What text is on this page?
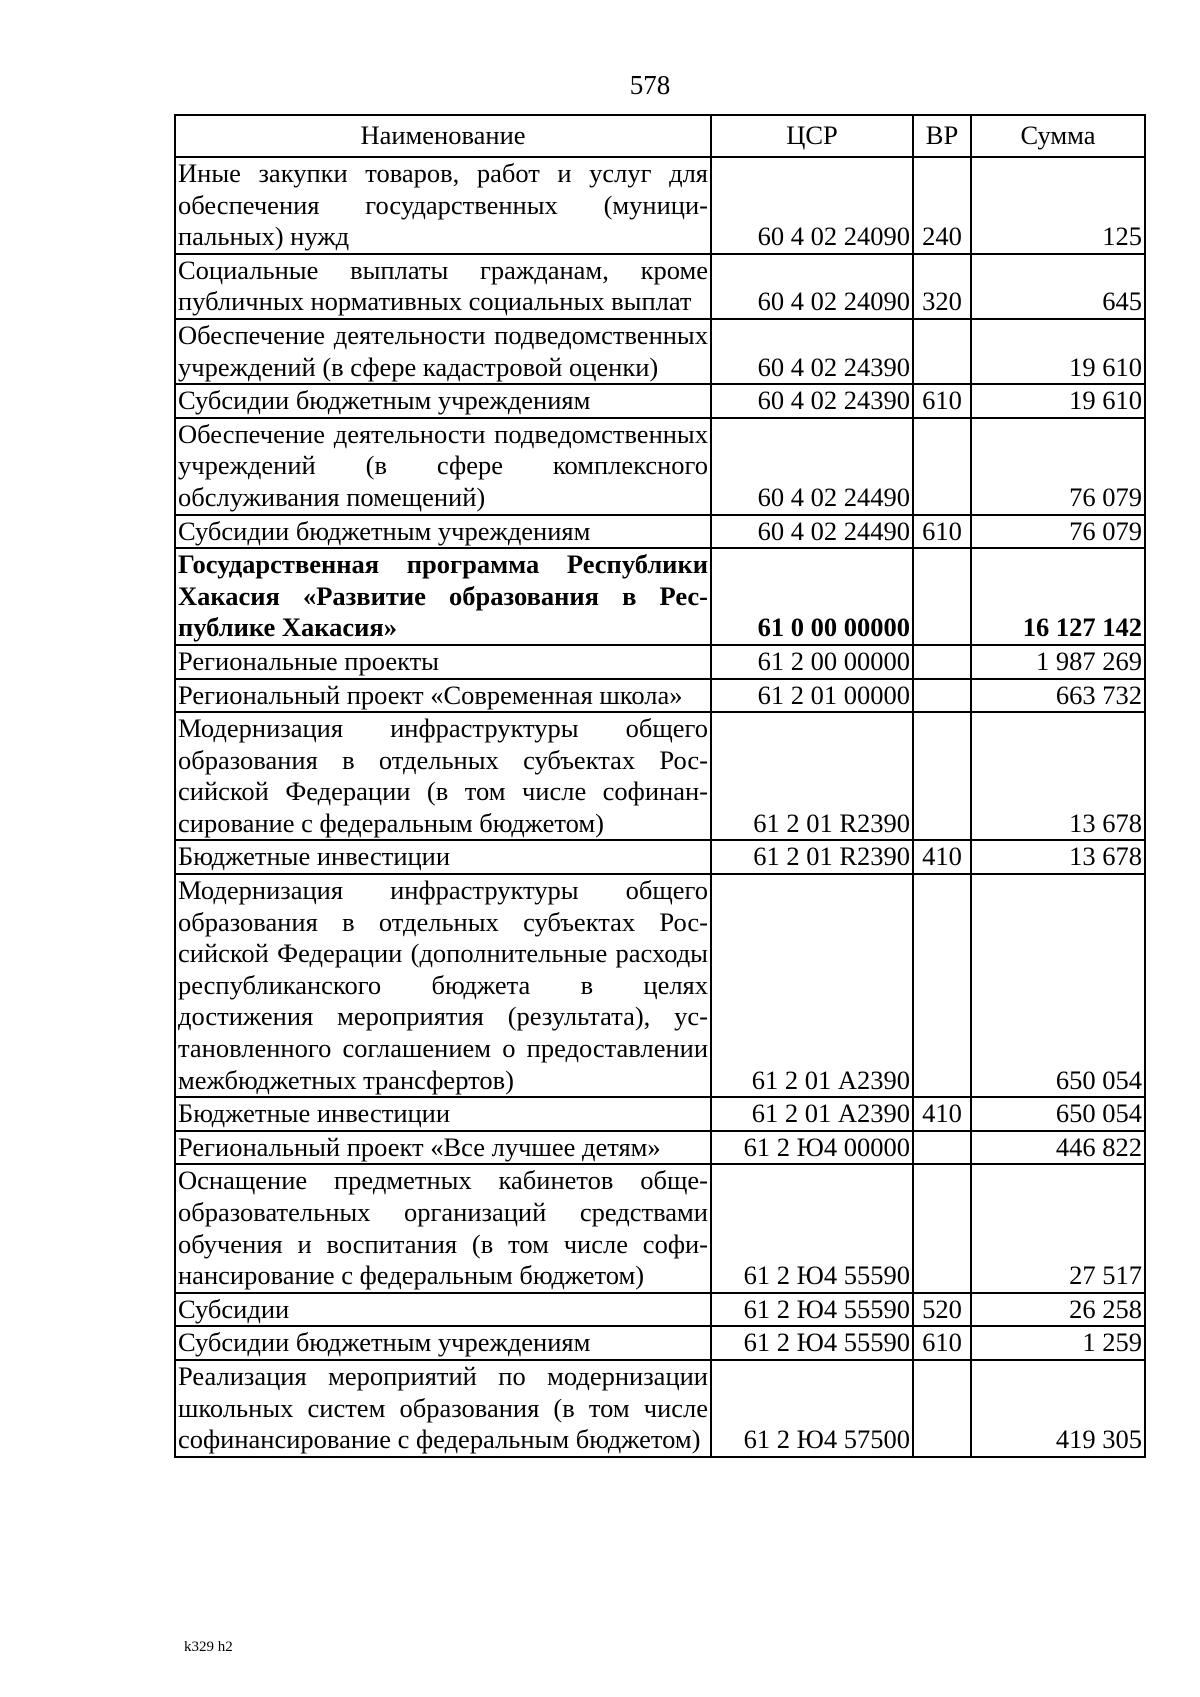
578
Наименование	ЦСР	ВР	Сумма
Иные закупки товаров, работ и услуг для обеспечения государственных (муниципальных) нужд	60 4 02 24090	240	125
Социальные выплаты гражданам, кроме публичных нормативных социальных выплат	60 4 02 24090	320	645
Обеспечение деятельности подведомственных учреждений (в сфере кадастровой оценки)	60 4 02 24390		19 610
Субсидии бюджетным учреждениям	60 4 02 24390	610	19 610
Обеспечение деятельности подведомственных учреждений (в сфере комплексного обслуживания помещений)	60 4 02 24490		76 079
Субсидии бюджетным учреждениям	60 4 02 24490	610	76 079
Государственная программа Республики Хакасия «Развитие образования в Республике Хакасия»	61 0 00 00000		16 127 142
Региональные проекты	61 2 00 00000		1 987 269
Региональный проект «Современная школа»	61 2 01 00000		663 732
Модернизация инфраструктуры общего образования в отдельных субъектах Российской Федерации (в том числе софинансирование с федеральным бюджетом)	61 2 01 R2390		13 678
Бюджетные инвестиции	61 2 01 R2390	410	13 678
Модернизация инфраструктуры общего образования в отдельных субъектах Российской Федерации (дополнительные расходы республиканского бюджета в целях достижения мероприятия (результата), установленного соглашением о предоставлении межбюджетных трансфертов)	61 2 01 А2390		650 054
Бюджетные инвестиции	61 2 01 А2390	410	650 054
Региональный проект «Все лучшее детям»	61 2 Ю4 00000		446 822
Оснащение предметных кабинетов общеобразовательных организаций средствами обучения и воспитания (в том числе софинансирование с федеральным бюджетом)	61 2 Ю4 55590		27 517
Субсидии	61 2 Ю4 55590	520	26 258
Субсидии бюджетным учреждениям	61 2 Ю4 55590	610	1 259
Реализация мероприятий по модернизации школьных систем образования (в том числе софинансирование с федеральным бюджетом)	61 2 Ю4 57500		419 305
k329 h2
